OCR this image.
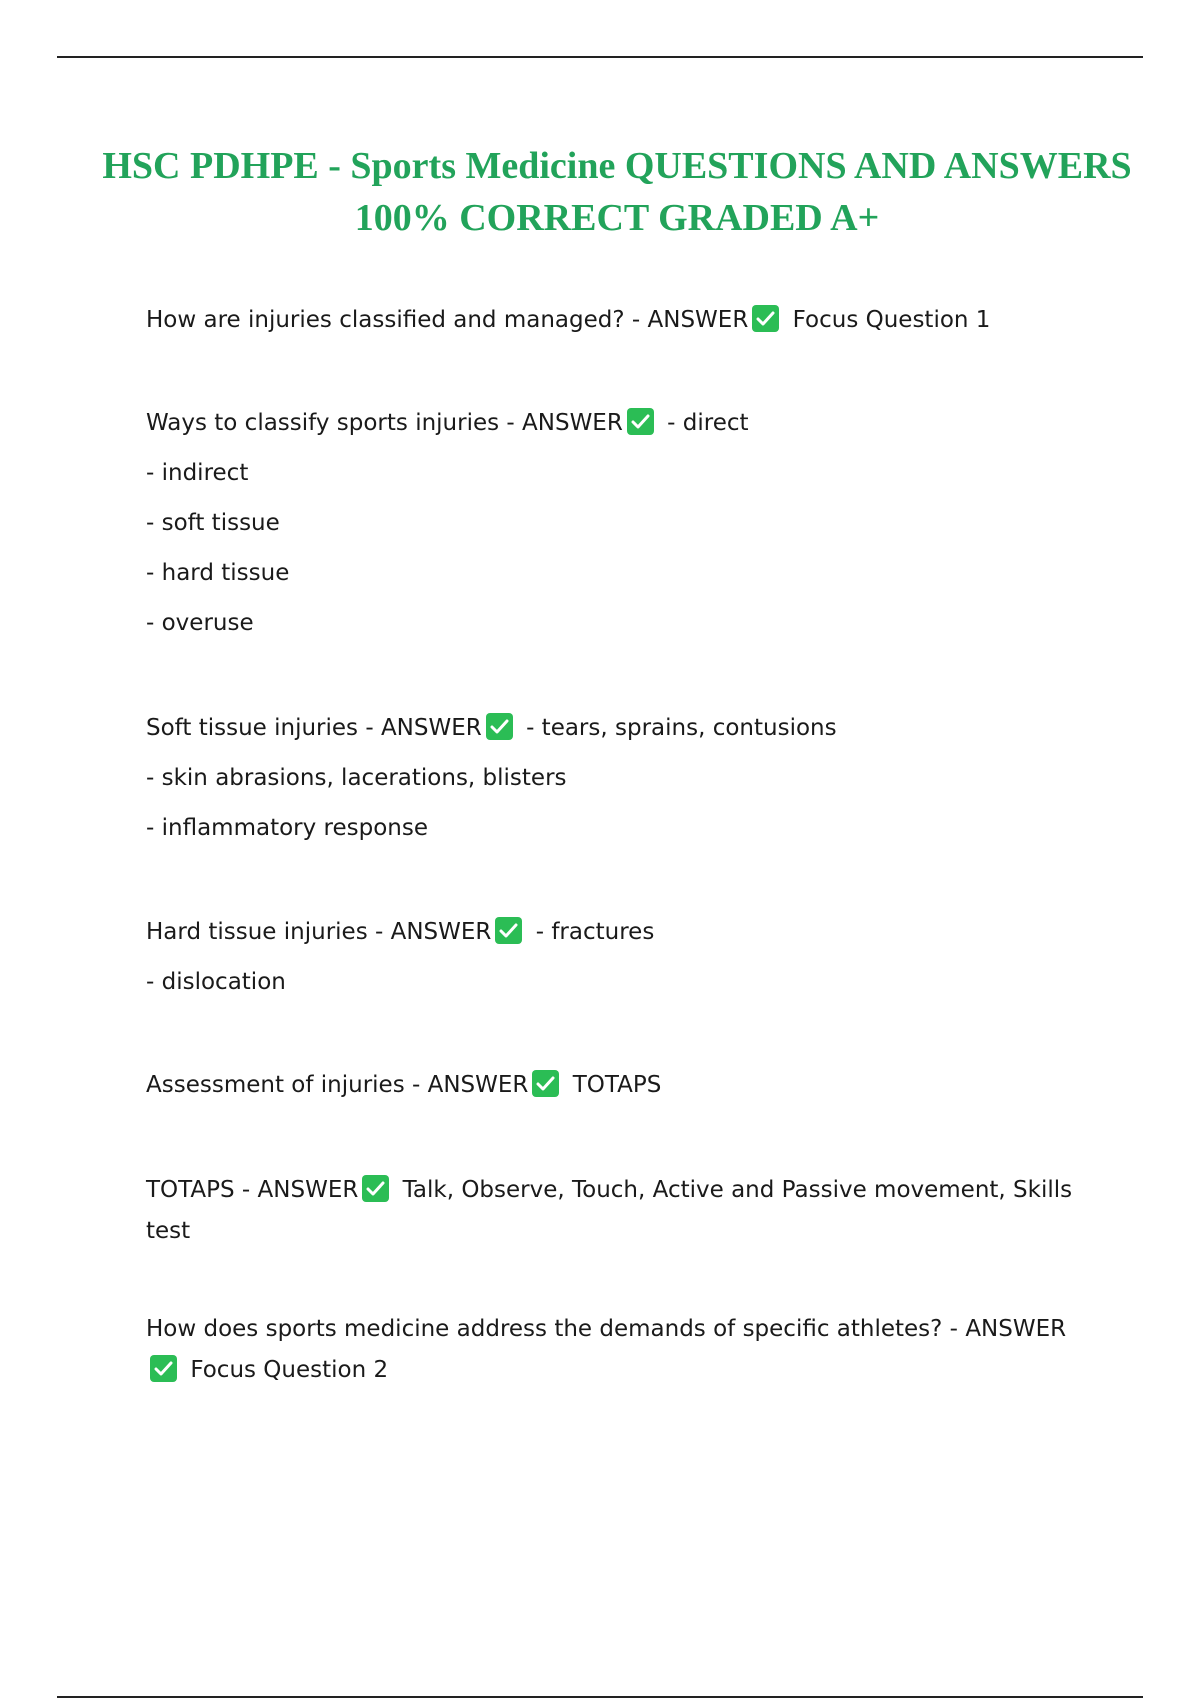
HSC PDHPE - Sports Medicine QUESTIONS AND ANSWERS 100% CORRECT GRADED A+
How are injuries classified and managed? - ANSWER Focus Question 1
Ways to classify sports injuries - ANSWER - direct
- indirect
- soft tissue
- hard tissue
- overuse
Soft tissue injuries - ANSWER - tears, sprains, contusions
- skin abrasions, lacerations, blisters
- inflammatory response
Hard tissue injuries - ANSWER - fractures
- dislocation
Assessment of injuries - ANSWER TOTAPS
TOTAPS - ANSWER Talk, Observe, Touch, Active and Passive movement, Skills test
How does sports medicine address the demands of specific athletes? - ANSWER
Focus Question 2
